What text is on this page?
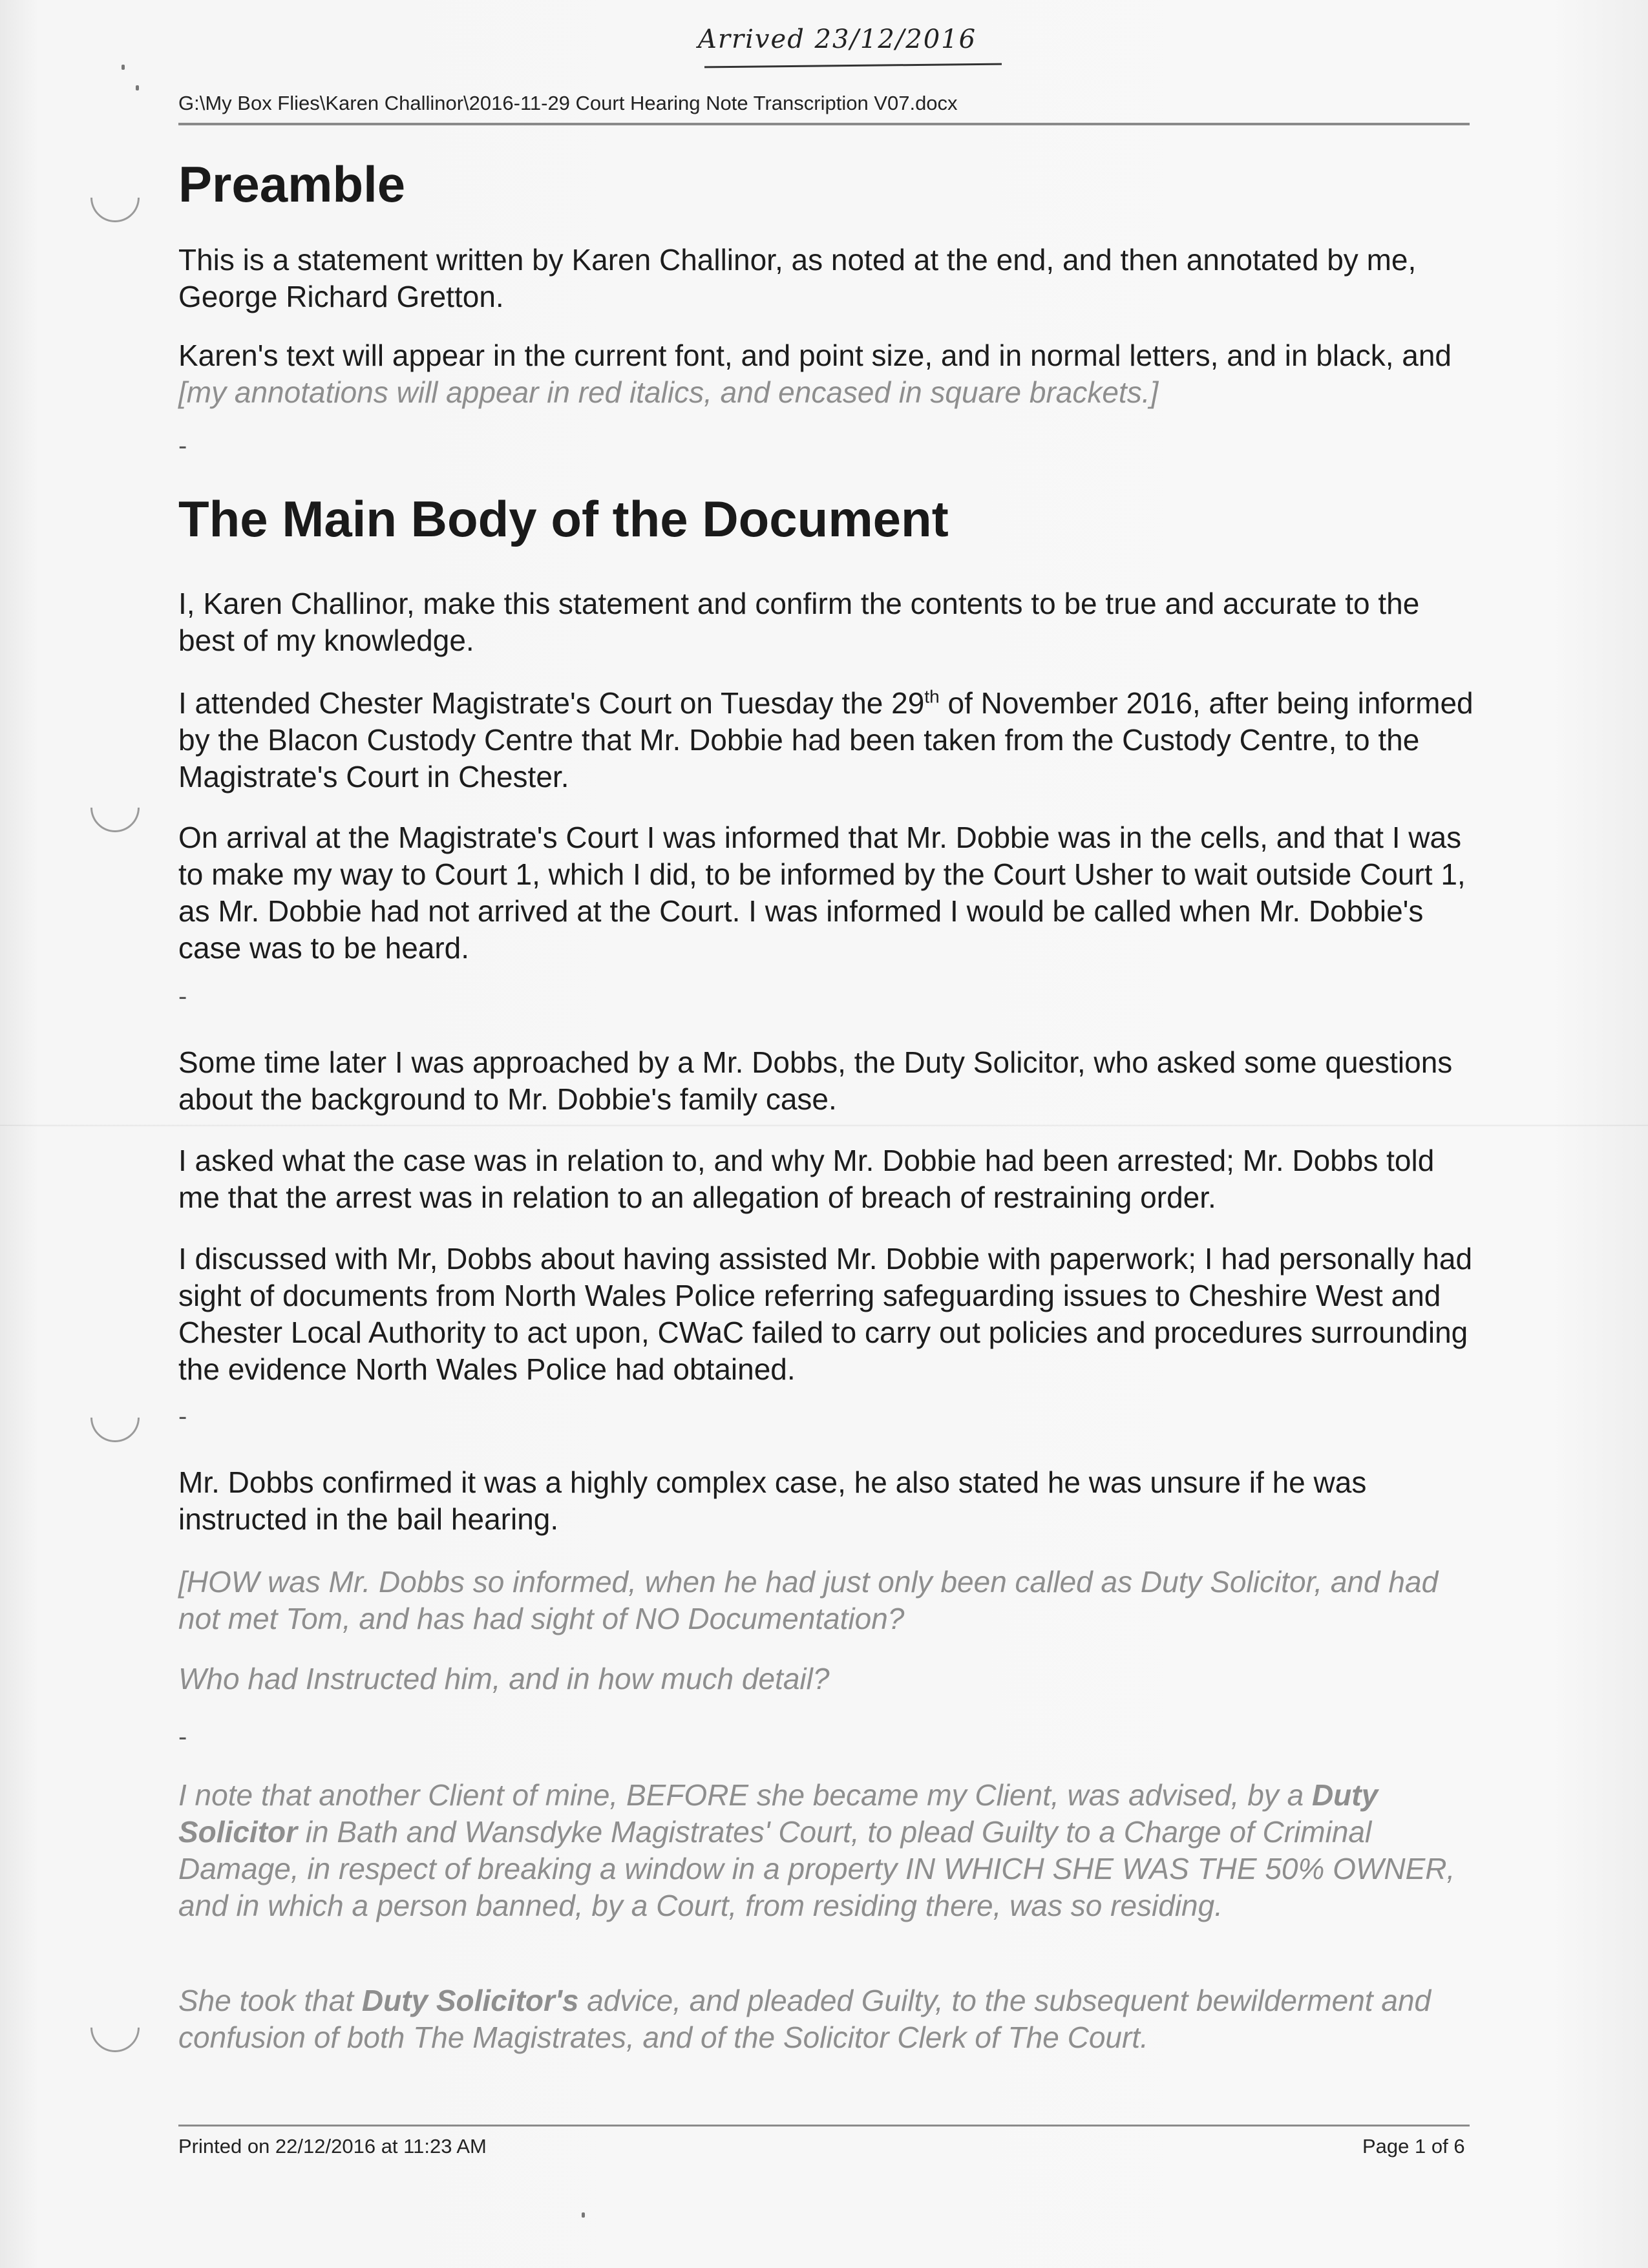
Arrived 23/12/2016
G:\My Box Flies\Karen Challinor\2016-11-29 Court Hearing Note Transcription V07.docx
Preamble

This is a statement written by Karen Challinor, as noted at the end, and then annotated by me, George Richard Gretton.

Karen's text will appear in the current font, and point size, and in normal letters, and in black, and [my annotations will appear in red italics, and encased in square brackets.]

-
The Main Body of the Document

I, Karen Challinor, make this statement and confirm the contents to be true and accurate to the best of my knowledge.

I attended Chester Magistrate's Court on Tuesday the 29th of November 2016, after being informed by the Blacon Custody Centre that Mr. Dobbie had been taken from the Custody Centre, to the Magistrate's Court in Chester.

On arrival at the Magistrate's Court I was informed that Mr. Dobbie was in the cells, and that I was to make my way to Court 1, which I did, to be informed by the Court Usher to wait outside Court 1, as Mr. Dobbie had not arrived at the Court. I was informed I would be called when Mr. Dobbie's case was to be heard.

-

Some time later I was approached by a Mr. Dobbs, the Duty Solicitor, who asked some questions about the background to Mr. Dobbie's family case.

I asked what the case was in relation to, and why Mr. Dobbie had been arrested; Mr. Dobbs told me that the arrest was in relation to an allegation of breach of restraining order.

I discussed with Mr, Dobbs about having assisted Mr. Dobbie with paperwork; I had personally had sight of documents from North Wales Police referring safeguarding issues to Cheshire West and Chester Local Authority to act upon, CWaC failed to carry out policies and procedures surrounding the evidence North Wales Police had obtained.

-

Mr. Dobbs confirmed it was a highly complex case, he also stated he was unsure if he was instructed in the bail hearing.

[HOW was Mr. Dobbs so informed, when he had just only been called as Duty Solicitor, and had not met Tom, and has had sight of NO Documentation?

Who had Instructed him, and in how much detail?

-

I note that another Client of mine, BEFORE she became my Client, was advised, by a Duty Solicitor in Bath and Wansdyke Magistrates' Court, to plead Guilty to a Charge of Criminal Damage, in respect of breaking a window in a property IN WHICH SHE WAS THE 50% OWNER, and in which a person banned, by a Court, from residing there, was so residing.

She took that Duty Solicitor's advice, and pleaded Guilty, to the subsequent bewilderment and confusion of both The Magistrates, and of the Solicitor Clerk of The Court.

Printed on 22/12/2016 at 11:23 AM	Page 1 of 6
